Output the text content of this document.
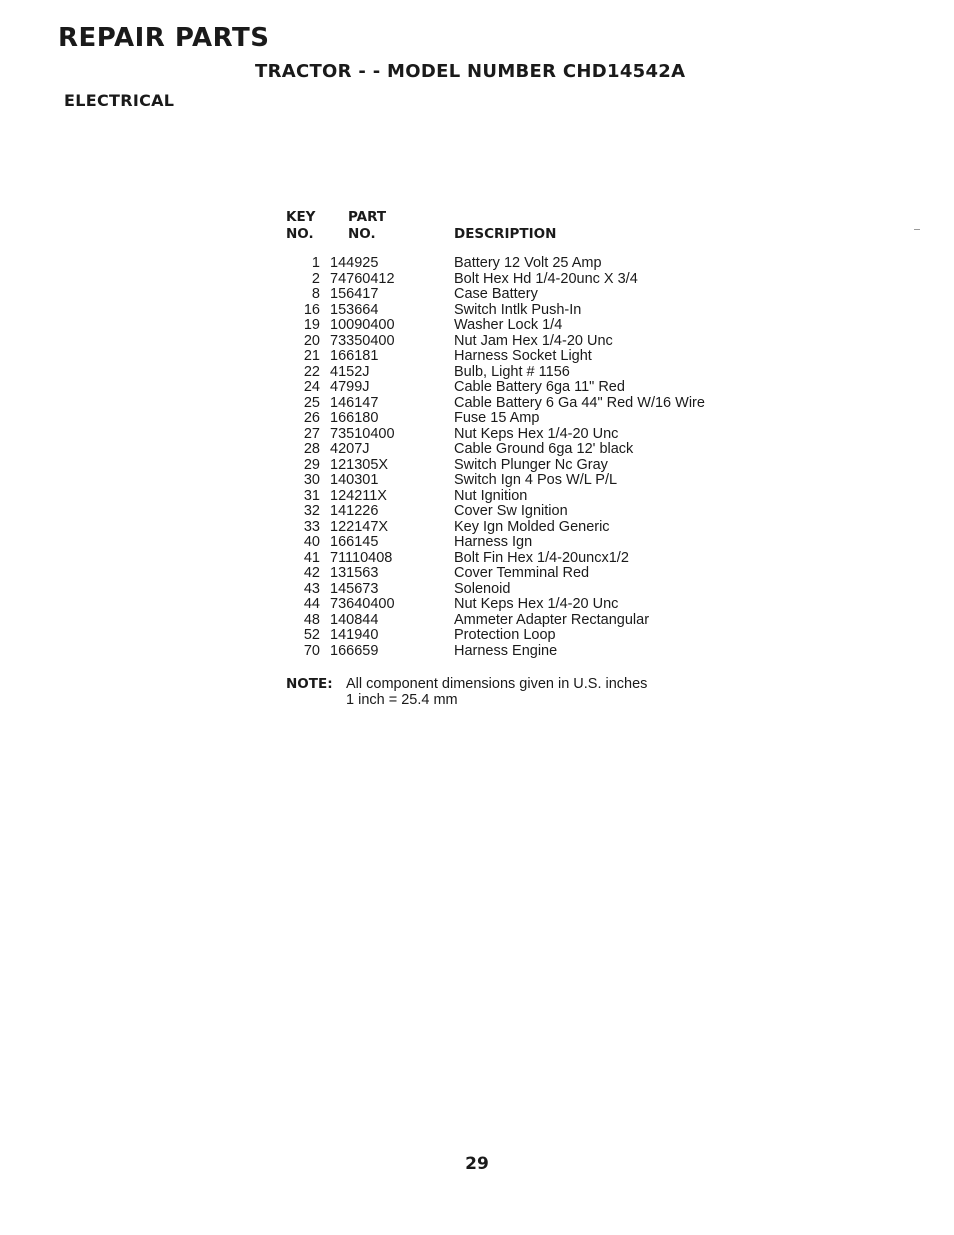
REPAIR PARTS
TRACTOR - - MODEL NUMBER CHD14542A
ELECTRICAL
KEY	PART	
NO.	NO.	DESCRIPTION

1	144925	Battery 12 Volt 25 Amp
2	74760412	Bolt Hex Hd 1/4-20unc X 3/4
8	156417	Case Battery
16	153664	Switch Intlk Push-In
19	10090400	Washer Lock 1/4
20	73350400	Nut Jam Hex 1/4-20 Unc
21	166181	Harness Socket Light
22	4152J	Bulb, Light # 1156
24	4799J	Cable Battery 6ga 11" Red
25	146147	Cable Battery 6 Ga 44" Red W/16 Wire
26	166180	Fuse 15 Amp
27	73510400	Nut Keps Hex 1/4-20 Unc
28	4207J	Cable Ground 6ga 12' black
29	121305X	Switch Plunger Nc Gray
30	140301	Switch Ign 4 Pos W/L P/L
31	124211X	Nut Ignition
32	141226	Cover Sw Ignition
33	122147X	Key Ign Molded Generic
40	166145	Harness Ign
41	71110408	Bolt Fin Hex 1/4-20uncx1/2
42	131563	Cover Temminal Red
43	145673	Solenoid
44	73640400	Nut Keps Hex 1/4-20 Unc
48	140844	Ammeter Adapter Rectangular
52	141940	Protection Loop
70	166659	Harness Engine
NOTE: All component dimensions given in U.S. inches
1 inch = 25.4 mm
29
